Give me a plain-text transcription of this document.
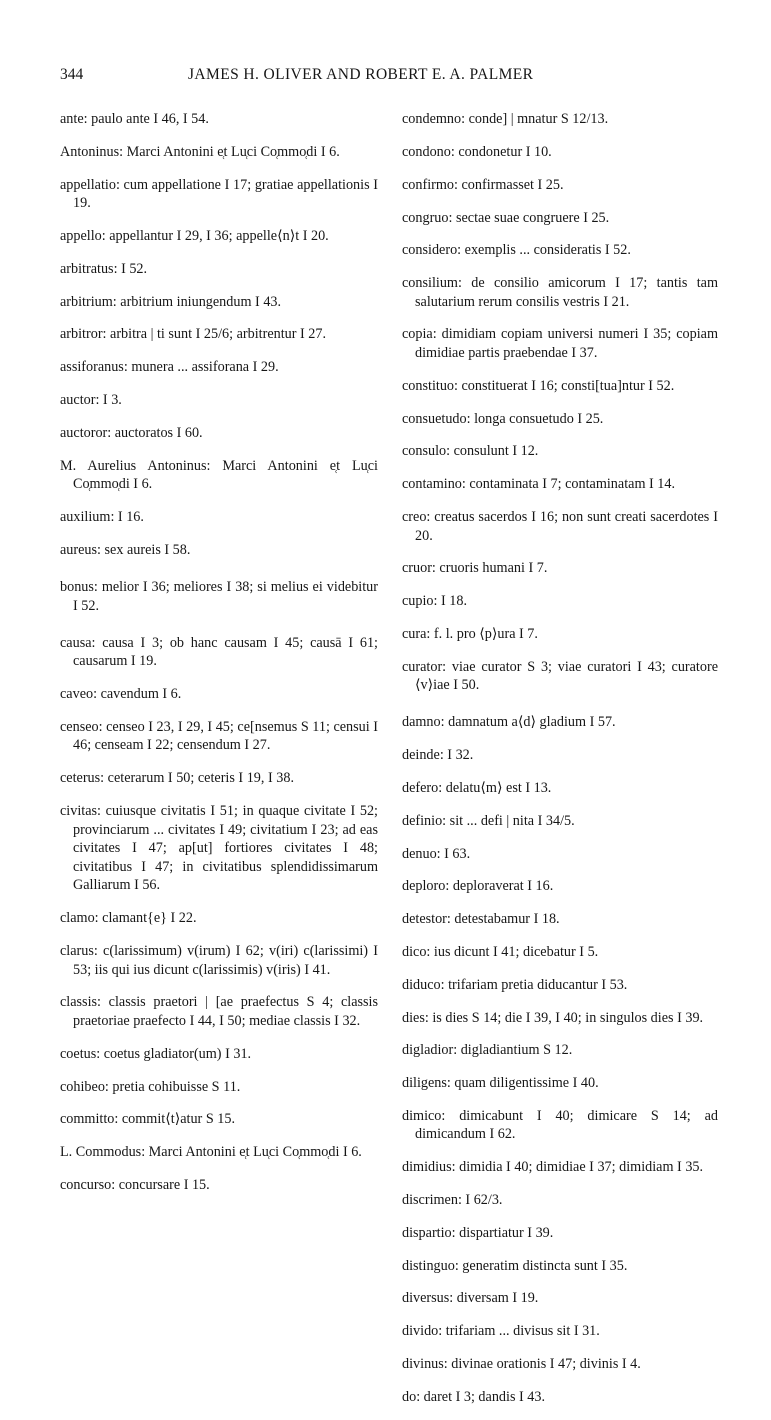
344	JAMES H. OLIVER AND ROBERT E. A. PALMER

ante: paulo ante I 46, I 54.

Antoninus: Marci Antonini e̜t Lu̜ci Co̜mmo̜di I 6.

appellatio: cum appellatione I 17; gratiae appellationis I 19.

appello: appellantur I 29, I 36; appelle⟨n⟩t I 20.

arbitratus: I 52.

arbitrium: arbitrium iniungendum I 43.

arbitror: arbitra | ti sunt I 25/6; arbitrentur I 27.

assiforanus: munera ... assiforana I 29.

auctor: I 3.

auctoror: auctoratos I 60.

M. Aurelius Antoninus: Marci Antonini e̜t Lu̜ci Co̜mmo̜di I 6.

auxilium: I 16.

aureus: sex aureis I 58.

bonus: melior I 36; meliores I 38; si melius ei videbitur I 52.

causa: causa I 3; ob hanc causam I 45; causā I 61; causarum I 19.

caveo: cavendum I 6.

censeo: censeo I 23, I 29, I 45; ce[nsemus S 11; censui I 46; censeam I 22; censendum I 27.

ceterus: ceterarum I 50; ceteris I 19, I 38.

civitas: cuiusque civitatis I 51; in quaque civitate I 52; provinciarum ... civitates I 49; civitatium I 23; ad eas civitates I 47; ap[ut] fortiores civitates I 48; civitatibus I 47; in civitatibus splendidissimarum Galliarum I 56.

clamo: clamant{e} I 22.

clarus: c(larissimum) v(irum) I 62; v(iri) c(larissimi) I 53; iis qui ius dicunt c(larissimis) v(iris) I 41.

classis: classis praetori | [ae praefectus S 4; classis praetoriae praefecto I 44, I 50; mediae classis I 32.

coetus: coetus gladiator(um) I 31.

cohibeo: pretia cohibuisse S 11.

committo: commit⟨t⟩atur S 15.

L. Commodus: Marci Antonini e̜t Lu̜ci Co̜mmo̜di I 6.

concurso: concursare I 15.

condemno: conde] | mnatur S 12/13.

condono: condonetur I 10.

confirmo: confirmasset I 25.

congruo: sectae suae congruere I 25.

considero: exemplis ... consideratis I 52.

consilium: de consilio amicorum I 17; tantis tam salutarium rerum consilis vestris I 21.

copia: dimidiam copiam universi numeri I 35; copiam dimidiae partis praebendae I 37.

constituo: constituerat I 16; consti[tua]ntur I 52.

consuetudo: longa consuetudo I 25.

consulo: consulunt I 12.

contamino: contaminata I 7; contaminatam I 14.

creo: creatus sacerdos I 16; non sunt creati sacerdotes I 20.

cruor: cruoris humani I 7.

cupio: I 18.

cura: f. l. pro ⟨p⟩ura I 7.

curator: viae curator S 3; viae curatori I 43; curatore ⟨v⟩iae I 50.

damno: damnatum a⟨d⟩ gladium I 57.

deinde: I 32.

defero: delatu⟨m⟩ est I 13.

definio: sit ... defi | nita I 34/5.

denuo: I 63.

deploro: deploraverat I 16.

detestor: detestabamur I 18.

dico: ius dicunt I 41; dicebatur I 5.

diduco: trifariam pretia diducantur I 53.

dies: is dies S 14; die I 39, I 40; in singulos dies I 39.

digladior: digladiantium S 12.

diligens: quam diligentissime I 40.

dimico: dimicabunt I 40; dimicare S 14; ad dimicandum I 62.

dimidius: dimidia I 40; dimidiae I 37; dimidiam I 35.

discrimen: I 62/3.

dispartio: dispartiatur I 39.

distinguo: generatim distincta sunt I 35.

diversus: diversam I 19.

divido: trifariam ... divisus sit I 31.

divinus: divinae orationis I 47; divinis I 4.

do: daret I 3; dandis I 43.
